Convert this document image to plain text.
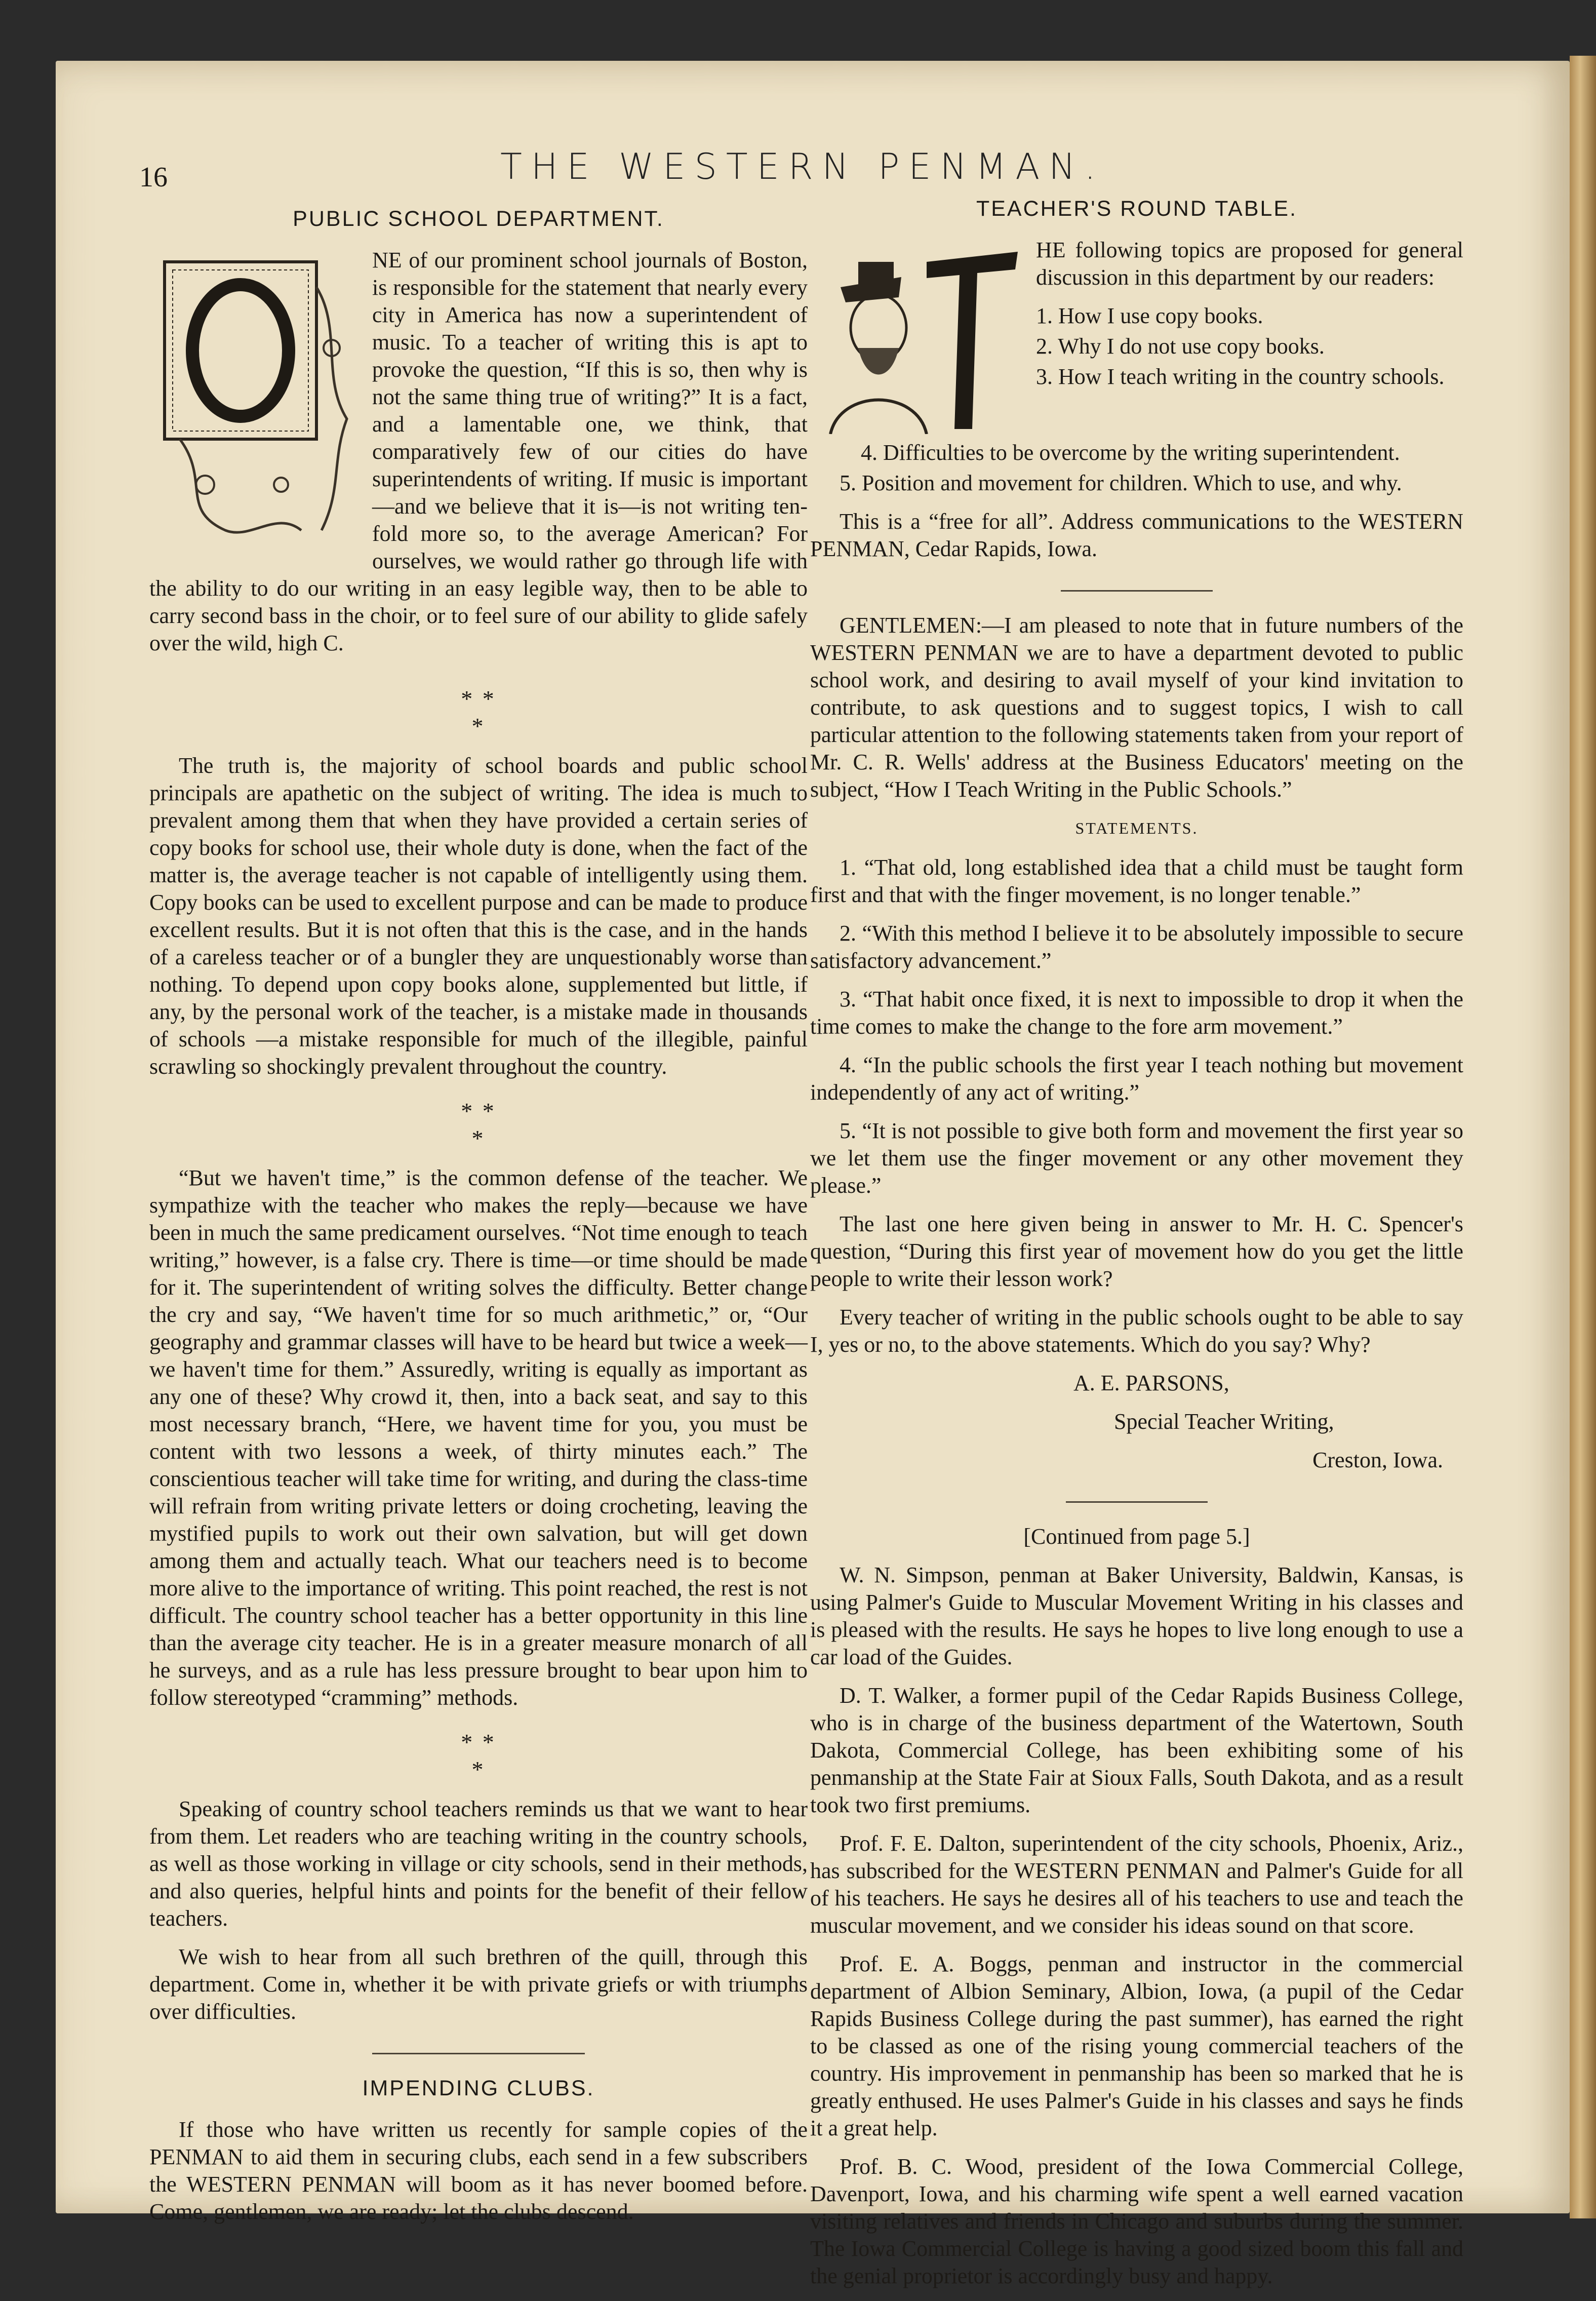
16	THE WESTERN PENMAN.
PUBLIC SCHOOL DEPARTMENT.

NE of our prominent school journals of Boston, is responsible for the statement that nearly every city in America has now a superintendent of music. To a teacher of writing this is apt to provoke the question, “If this is so, then why is not the same thing true of writing?” It is a fact, and a lamentable one, we think, that comparatively few of our cities do have superintendents of writing. If music is important—and we believe that it is—is not writing ten-fold more so, to the average American? For ourselves, we would rather go through life with the ability to do our writing in an easy legible way, then to be able to carry second bass in the choir, or to feel sure of our ability to glide safely over the wild, high C.

* *
*

The truth is, the majority of school boards and public school principals are apathetic on the subject of writing. The idea is much to prevalent among them that when they have provided a certain series of copy books for school use, their whole duty is done, when the fact of the matter is, the average teacher is not capable of intelligently using them. Copy books can be used to excellent purpose and can be made to produce excellent results. But it is not often that this is the case, and in the hands of a careless teacher or of a bungler they are unquestionably worse than nothing. To depend upon copy books alone, supplemented but little, if any, by the personal work of the teacher, is a mistake made in thousands of schools —a mistake responsible for much of the illegible, painful scrawling so shockingly prevalent throughout the country.

* *
*

“But we haven't time,” is the common defense of the teacher. We sympathize with the teacher who makes the reply—because we have been in much the same predicament ourselves. “Not time enough to teach writing,” however, is a false cry. There is time—or time should be made for it. The superintendent of writing solves the difficulty. Better change the cry and say, “We haven't time for so much arithmetic,” or, “Our geography and grammar classes will have to be heard but twice a week—we haven't time for them.” Assuredly, writing is equally as important as any one of these? Why crowd it, then, into a back seat, and say to this most necessary branch, “Here, we havent time for you, you must be content with two lessons a week, of thirty minutes each.” The conscientious teacher will take time for writing, and during the class-time will refrain from writing private letters or doing crocheting, leaving the mystified pupils to work out their own salvation, but will get down among them and actually teach. What our teachers need is to become more alive to the importance of writing. This point reached, the rest is not difficult. The country school teacher has a better opportunity in this line than the average city teacher. He is in a greater measure monarch of all he surveys, and as a rule has less pressure brought to bear upon him to follow stereotyped “cramming” methods.

* *
*

Speaking of country school teachers reminds us that we want to hear from them. Let readers who are teaching writing in the country schools, as well as those working in village or city schools, send in their methods, and also queries, helpful hints and points for the benefit of their fellow teachers.

We wish to hear from all such brethren of the quill, through this department. Come in, whether it be with private griefs or with triumphs over difficulties.

IMPENDING CLUBS.

If those who have written us recently for sample copies of the PENMAN to aid them in securing clubs, each send in a few subscribers the WESTERN PENMAN will boom as it has never boomed before. Come, gentlemen, we are ready; let the clubs descend.

TEACHER'S ROUND TABLE.

HE following topics are proposed for general discussion in this department by our readers:

1. How I use copy books.

2. Why I do not use copy books.

3. How I teach writing in the country schools.

4. Difficulties to be overcome by the writing superintendent.

5. Position and movement for children. Which to use, and why.

This is a “free for all”. Address communications to the WESTERN PENMAN, Cedar Rapids, Iowa.

GENTLEMEN:—I am pleased to note that in future numbers of the WESTERN PENMAN we are to have a department devoted to public school work, and desiring to avail myself of your kind invitation to contribute, to ask questions and to suggest topics, I wish to call particular attention to the following statements taken from your report of Mr. C. R. Wells' address at the Business Educators' meeting on the subject, “How I Teach Writing in the Public Schools.”

STATEMENTS.

1. “That old, long established idea that a child must be taught form first and that with the finger movement, is no longer tenable.”

2. “With this method I believe it to be absolutely impossible to secure satisfactory advancement.”

3. “That habit once fixed, it is next to impossible to drop it when the time comes to make the change to the fore arm movement.”

4. “In the public schools the first year I teach nothing but movement independently of any act of writing.”

5. “It is not possible to give both form and movement the first year so we let them use the finger movement or any other movement they please.”

The last one here given being in answer to Mr. H. C. Spencer's question, “During this first year of movement how do you get the little people to write their lesson work?

Every teacher of writing in the public schools ought to be able to say I, yes or no, to the above statements. Which do you say? Why?

A. E. PARSONS,

Special Teacher Writing,

Creston, Iowa.

[Continued from page 5.]

W. N. Simpson, penman at Baker University, Baldwin, Kansas, is using Palmer's Guide to Muscular Movement Writing in his classes and is pleased with the results. He says he hopes to live long enough to use a car load of the Guides.

D. T. Walker, a former pupil of the Cedar Rapids Business College, who is in charge of the business department of the Watertown, South Dakota, Commercial College, has been exhibiting some of his penmanship at the State Fair at Sioux Falls, South Dakota, and as a result took two first premiums.

Prof. F. E. Dalton, superintendent of the city schools, Phoenix, Ariz., has subscribed for the WESTERN PENMAN and Palmer's Guide for all of his teachers. He says he desires all of his teachers to use and teach the muscular movement, and we consider his ideas sound on that score.

Prof. E. A. Boggs, penman and instructor in the commercial department of Albion Seminary, Albion, Iowa, (a pupil of the Cedar Rapids Business College during the past summer), has earned the right to be classed as one of the rising young commercial teachers of the country. His improvement in penmanship has been so marked that he is greatly enthused. He uses Palmer's Guide in his classes and says he finds it a great help.

Prof. B. C. Wood, president of the Iowa Commercial College, Davenport, Iowa, and his charming wife spent a well earned vacation visiting relatives and friends in Chicago and suburbs during the summer. The Iowa Commercial College is having a good sized boom this fall and the genial proprietor is accordingly busy and happy.
